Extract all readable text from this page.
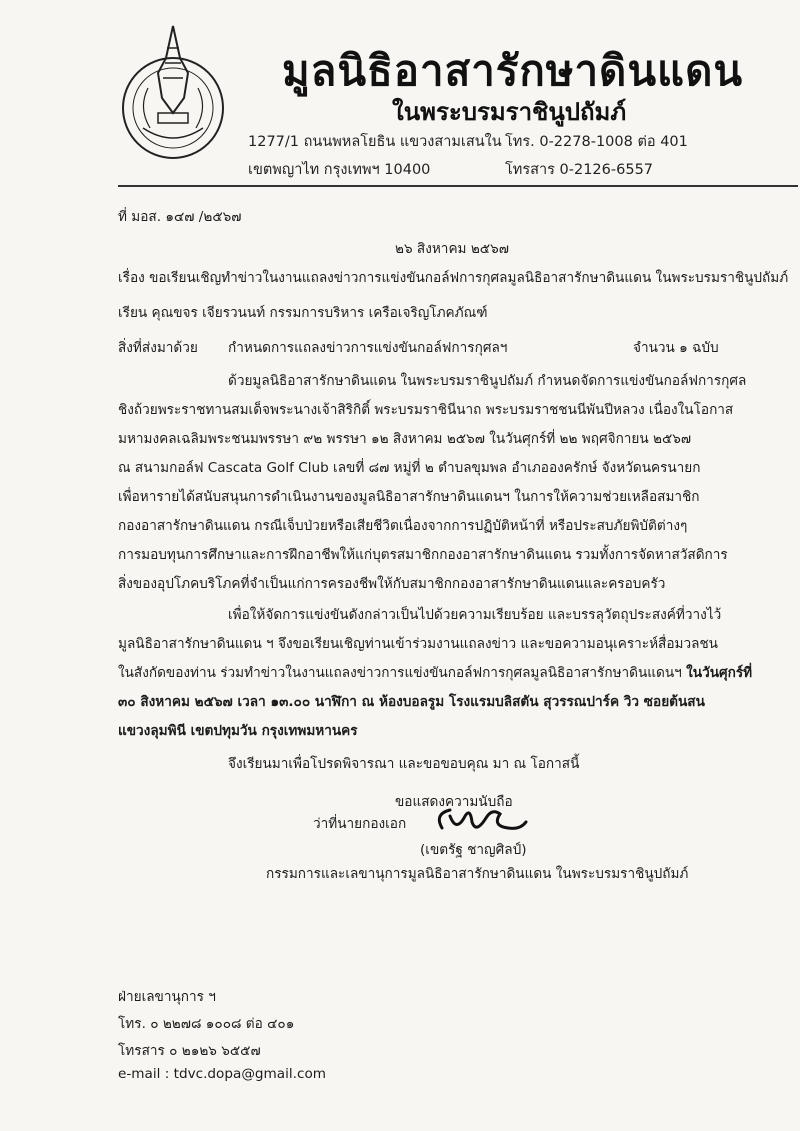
มูลนิธิอาสารักษาดินแดน
ในพระบรมราชินูปถัมภ์
1277/1 ถนนพหลโยธิน แขวงสามเสนใน
เขตพญาไท กรุงเทพฯ 10400
โทร. 0-2278-1008 ต่อ 401
โทรสาร 0-2126-6557
ที่ มอส. ๑๔๗ /๒๕๖๗
๒๖ สิงหาคม ๒๕๖๗
เรื่อง ขอเรียนเชิญทำข่าวในงานแถลงข่าวการแข่งขันกอล์ฟการกุศลมูลนิธิอาสารักษาดินแดน ในพระบรมราชินูปถัมภ์
เรียน คุณขจร เจียรวนนท์ กรรมการบริหาร เครือเจริญโภคภัณฑ์
สิ่งที่ส่งมาด้วย กำหนดการแถลงข่าวการแข่งขันกอล์ฟการกุศลฯ	จำนวน ๑ ฉบับ
ด้วยมูลนิธิอาสารักษาดินแดน ในพระบรมราชินูปถัมภ์ กำหนดจัดการแข่งขันกอล์ฟการกุศล
ชิงถ้วยพระราชทานสมเด็จพระนางเจ้าสิริกิติ์ พระบรมราชินีนาถ พระบรมราชชนนีพันปีหลวง เนื่องในโอกาส
มหามงคลเฉลิมพระชนมพรรษา ๙๒ พรรษา ๑๒ สิงหาคม ๒๕๖๗ ในวันศุกร์ที่ ๒๒ พฤศจิกายน ๒๕๖๗
ณ สนามกอล์ฟ Cascata Golf Club เลขที่ ๘๗ หมู่ที่ ๒ ตำบลขุมพล อำเภอองครักษ์ จังหวัดนครนายก
เพื่อหารายได้สนับสนุนการดำเนินงานของมูลนิธิอาสารักษาดินแดนฯ ในการให้ความช่วยเหลือสมาชิก
กองอาสารักษาดินแดน กรณีเจ็บป่วยหรือเสียชีวิตเนื่องจากการปฏิบัติหน้าที่ หรือประสบภัยพิบัติต่างๆ
การมอบทุนการศึกษาและการฝึกอาชีพให้แก่บุตรสมาชิกกองอาสารักษาดินแดน รวมทั้งการจัดหาสวัสดิการ
สิ่งของอุปโภคบริโภคที่จำเป็นแก่การครองชีพให้กับสมาชิกกองอาสารักษาดินแดนและครอบครัว
เพื่อให้จัดการแข่งขันดังกล่าวเป็นไปด้วยความเรียบร้อย และบรรลุวัตถุประสงค์ที่วางไว้
มูลนิธิอาสารักษาดินแดน ฯ จึงขอเรียนเชิญท่านเข้าร่วมงานแถลงข่าว และขอความอนุเคราะห์สื่อมวลชน
ในสังกัดของท่าน ร่วมทำข่าวในงานแถลงข่าวการแข่งขันกอล์ฟการกุศลมูลนิธิอาสารักษาดินแดนฯ ในวันศุกร์ที่
๓๐ สิงหาคม ๒๕๖๗ เวลา ๑๓.๐๐ นาฬิกา ณ ห้องบอลรูม โรงแรมบลิสตัน สุวรรณปาร์ค วิว ซอยต้นสน
แขวงลุมพินี เขตปทุมวัน กรุงเทพมหานคร
จึงเรียนมาเพื่อโปรดพิจารณา และขอขอบคุณ มา ณ โอกาสนี้
ขอแสดงความนับถือ
ว่าที่นายกองเอก
(เขตรัฐ ชาญศิลป์)
กรรมการและเลขานุการมูลนิธิอาสารักษาดินแดน ในพระบรมราชินูปถัมภ์
ฝ่ายเลขานุการ ฯ
โทร. ๐ ๒๒๗๘ ๑๐๐๘ ต่อ ๔๐๑
โทรสาร ๐ ๒๑๒๖ ๖๕๕๗
e-mail : tdvc.dopa@gmail.com
